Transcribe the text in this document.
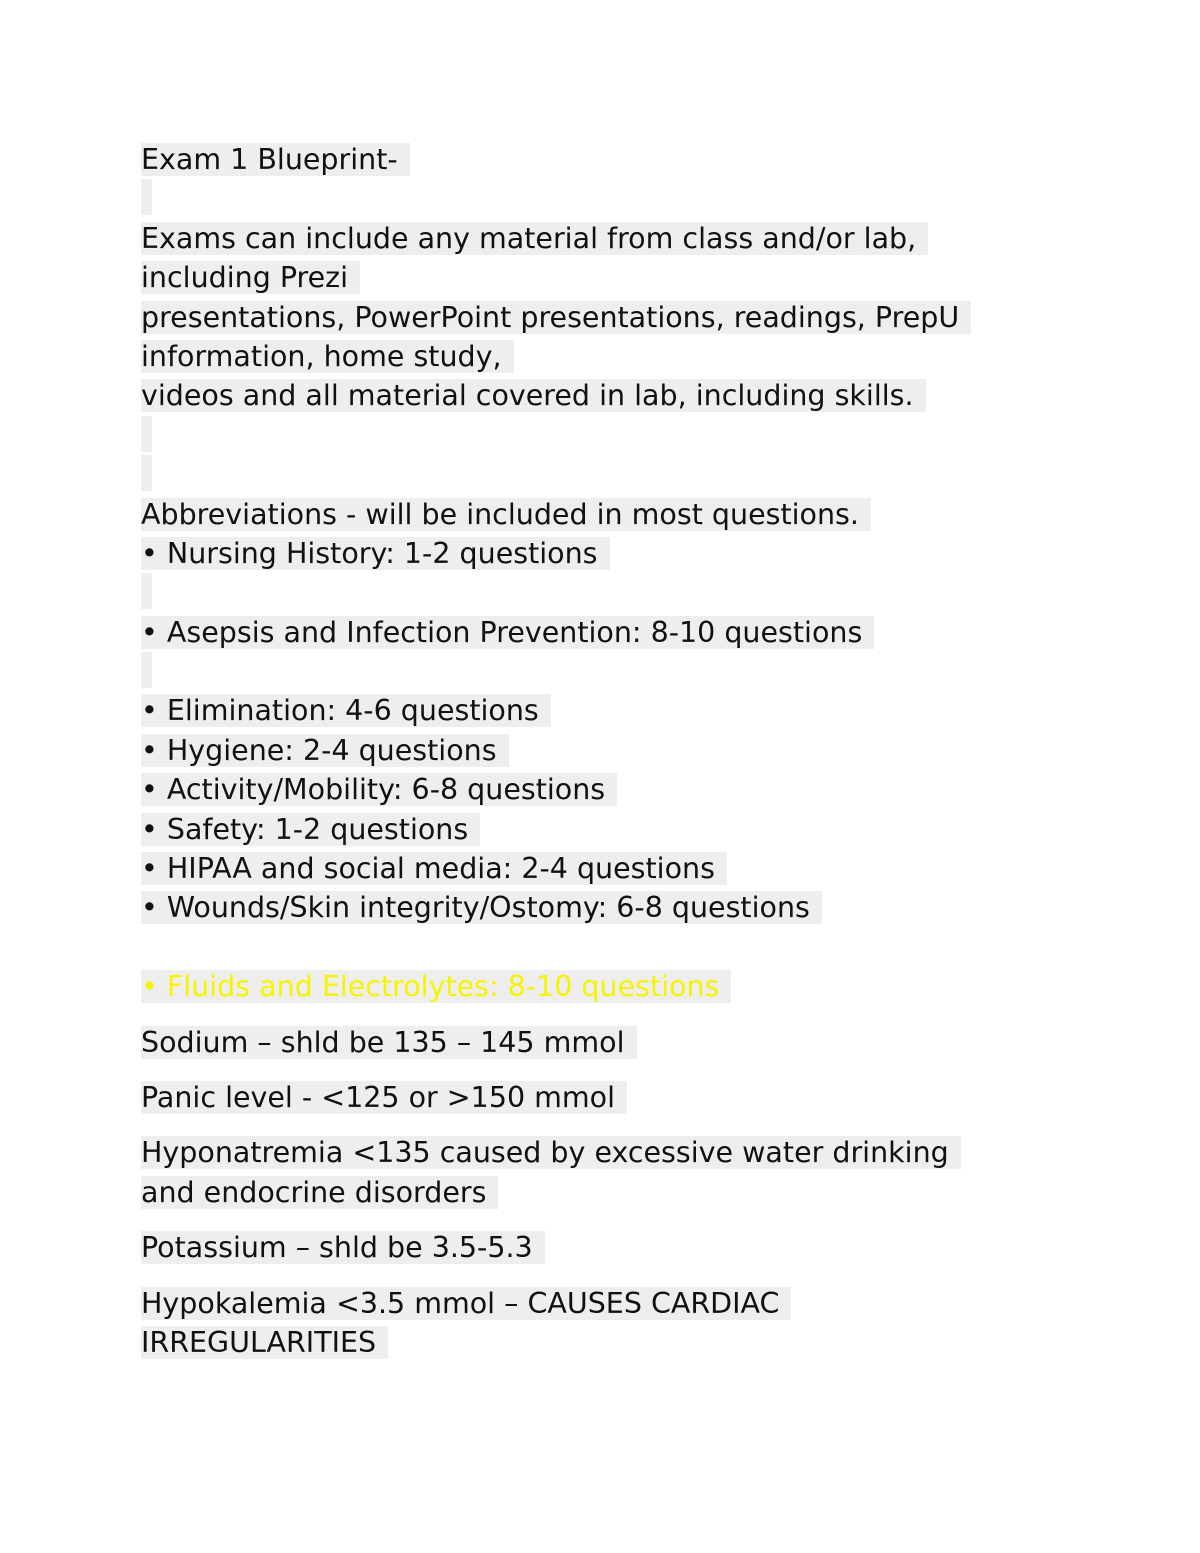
Exam 1 Blueprint-
Exams can include any material from class and/or lab,
including Prezi
presentations, PowerPoint presentations, readings, PrepU
information, home study,
videos and all material covered in lab, including skills.
Abbreviations - will be included in most questions.
• Nursing History: 1-2 questions
• Asepsis and Infection Prevention: 8-10 questions
• Elimination: 4-6 questions
• Hygiene: 2-4 questions
• Activity/Mobility: 6-8 questions
• Safety: 1-2 questions
• HIPAA and social media: 2-4 questions
• Wounds/Skin integrity/Ostomy: 6-8 questions
• Fluids and Electrolytes: 8-10 questions
Sodium – shld be 135 – 145 mmol
Panic level - <125 or >150 mmol
Hyponatremia <135 caused by excessive water drinking
and endocrine disorders
Potassium – shld be 3.5-5.3
Hypokalemia <3.5 mmol – CAUSES CARDIAC
IRREGULARITIES
